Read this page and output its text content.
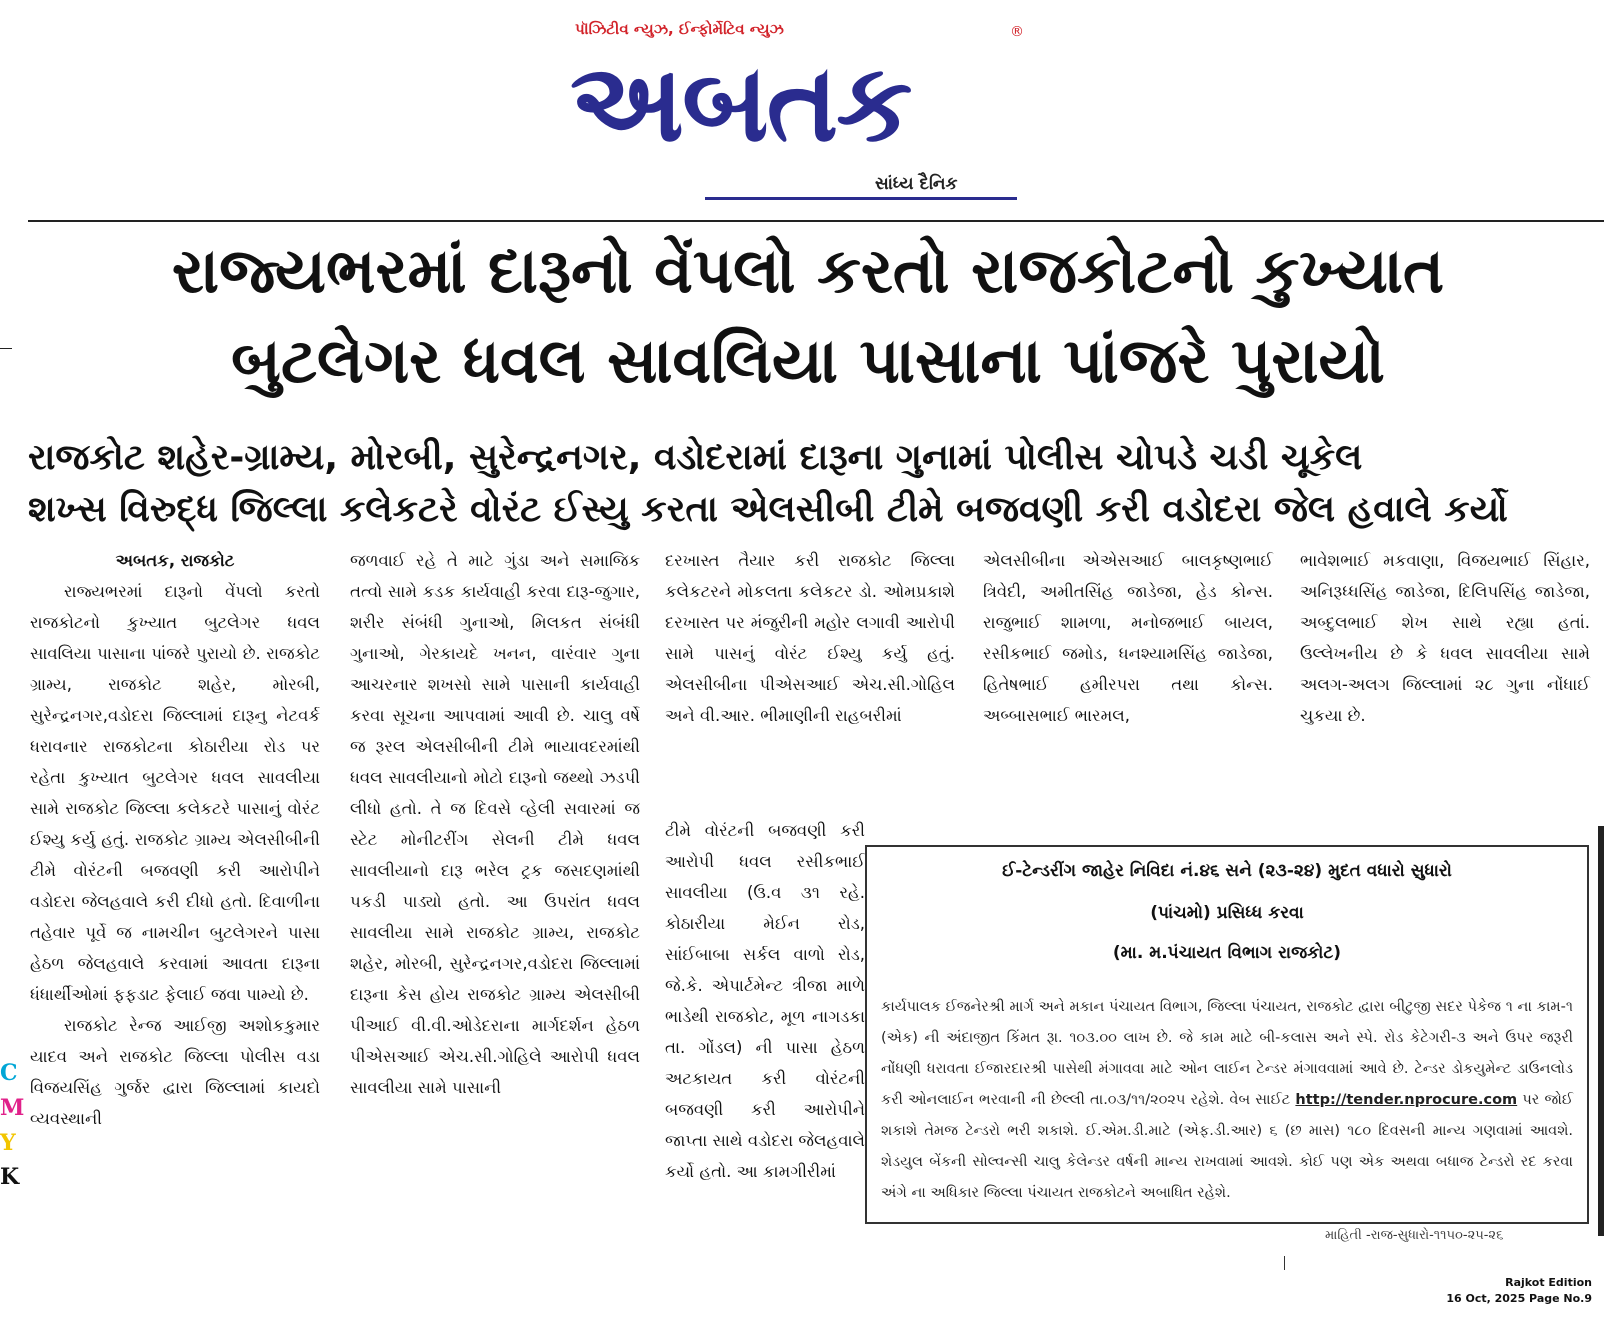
પૉઝિટીવ ન્યુઝ, ઈન્ફોર્મેટિવ ન્યુઝ	®
અબતક
સાંધ્ય દૈનિક
રાજ્યભરમાં દારૂનો વેંપલો કરતો રાજકોટનો કુખ્યાત
બુટલેગર ધવલ સાવલિયા પાસાના પાંજરે પુરાયો
રાજકોટ શહેર-ગ્રામ્ય, મોરબી, સુરેન્દ્રનગર, વડોદરામાં દારૂના ગુનામાં પોલીસ ચોપડે ચડી ચૂકેલ
શખ્સ વિરુદ્ધ જિલ્લા કલેકટરે વોરંટ ઈસ્યુ કરતા એલસીબી ટીમે બજવણી કરી વડોદરા જેલ હવાલે કર્યો

અબતક, રાજકોટ

રાજ્યભરમાં દારૂનો વેંપલો કરતો રાજકોટનો કુખ્યાત બુટલેગર ધવલ સાવલિયા પાસાના પાંજરે પુરાયો છે. રાજકોટ ગ્રામ્ય, રાજકોટ શહેર, મોરબી, સુરેન્દ્રનગર,વડોદરા જિલ્લામાં દારૂનુ નેટવર્ક ધરાવનાર રાજકોટના કોઠારીયા રોડ પર રહેતા કુખ્યાત બુટલેગર ધવલ સાવલીયા સામે રાજકોટ જિલ્લા કલેકટરે પાસાનું વોરંટ ઈશ્યુ કર્યુ હતું. રાજકોટ ગ્રામ્ય એલસીબીની ટીમે વોરંટની બજવણી કરી આરોપીને વડોદરા જેલહવાલે કરી દીધો હતો. દિવાળીના તહેવાર પૂર્વે જ નામચીન બુટલેગરને પાસા હેઠળ જેલહવાલે કરવામાં આવતા દારૂના ધંધાર્થીઓમાં ફફડાટ ફેલાઈ જવા પામ્યો છે.

રાજકોટ રેન્જ આઈજી અશોકકુમાર યાદવ અને રાજકોટ જિલ્લા પોલીસ વડા વિજયસિંહ ગુર્જર દ્વારા જિલ્લામાં કાયદો વ્યવસ્થાની

જળવાઈ રહે તે માટે ગુંડા અને સમાજિક તત્વો સામે કડક કાર્યવાહી કરવા દારૂ-જુગાર, શરીર સંબંધી ગુનાઓ, મિલકત સંબંધી ગુનાઓ, ગેરકાયદે ખનન, વારંવાર ગુના આચરનાર શખસો સામે પાસાની કાર્યવાહી કરવા સૂચના આપવામાં આવી છે. ચાલુ વર્ષે જ રૂરલ એલસીબીની ટીમે ભાયાવદરમાંથી ધવલ સાવલીયાનો મોટો દારૂનો જથ્થો ઝડપી લીધો હતો. તે જ દિવસે વ્હેલી સવારમાં જ સ્ટેટ મોનીટરીંગ સેલની ટીમે ધવલ સાવલીયાનો દારૂ ભરેલ ટ્રક જસદણમાંથી પકડી પાડ્યો હતો. આ ઉપરાંત ધવલ સાવલીયા સામે રાજકોટ ગ્રામ્ય, રાજકોટ શહેર, મોરબી, સુરેન્દ્રનગર,વડોદરા જિલ્લામાં દારૂના કેસ હોય રાજકોટ ગ્રામ્ય એલસીબી પીઆઈ વી.વી.ઓડેદરાના માર્ગદર્શન હેઠળ પીએસઆઈ એચ.સી.ગોહિલે આરોપી ધવલ સાવલીયા સામે પાસાની

દરખાસ્ત તૈયાર કરી રાજકોટ જિલ્લા કલેકટરને મોકલતા કલેકટર ડો. ઓમપ્રકાશે દરખાસ્ત પર મંજુરીની મહોર લગાવી આરોપી સામે પાસનું વોરંટ ઈશ્યુ કર્યુ હતું. એલસીબીના પીએસઆઈ એચ.સી.ગોહિલ અને વી.આર. ભીમાણીની રાહબરીમાં

ટીમે વોરંટની બજવણી કરી આરોપી ધવલ રસીકભાઈ સાવલીયા (ઉ.વ ૩૧ રહે. કોઠારીયા મેઈન રોડ, સાંઈબાબા સર્કલ વાળો રોડ, જે.કે. એપાર્ટમેન્ટ ત્રીજા માળે ભાડેથી રાજકોટ, મૂળ નાગડકા તા. ગોંડલ) ની પાસા હેઠળ અટકાયત કરી વોરંટની બજવણી કરી આરોપીને જાપ્તા સાથે વડોદરા જેલહવાલે કર્યો હતો. આ કામગીરીમાં

એલસીબીના એએસઆઈ બાલકૃષ્ણભાઈ ત્રિવેદી, અમીતસિંહ જાડેજા, હેડ કોન્સ. રાજુભાઈ શામળા, મનોજભાઈ બાયલ, રસીકભાઈ જમોડ, ધનશ્યામસિંહ જાડેજા, હિતેષભાઈ હમીરપરા તથા કોન્સ. અબ્બાસભાઈ ભારમલ,

ભાવેશભાઈ મકવાણા, વિજયભાઈ સિંહાર, અનિરૂધ્ધસિંહ જાડેજા, દિલિપસિંહ જાડેજા, અબ્દુલભાઈ શેખ સાથે રહ્યા હતાં. ઉલ્લેખનીય છે કે ધવલ સાવલીયા સામે અલગ-અલગ જિલ્લામાં ૨૮ ગુના નોંધાઈ ચુકયા છે.

ઈ-ટેન્ડરીંગ જાહેર નિવિદા નં.૪૬ સને (૨૩-૨૪) મુદત વધારો સુધારો
(પાંચમો) પ્રસિધ્ધ કરવા
(મા. મ.પંચાયત વિભાગ રાજકોટ)
કાર્યપાલક ઈજનેરશ્રી માર્ગ અને મકાન પંચાયત વિભાગ, જિલ્લા પંચાયત, રાજકોટ દ્વારા બીટુજી સદર પેકેજ ૧ ના કામ-૧ (એક) ની અંદાજીત કિંમત રૂા. ૧૦૩.૦૦ લાખ છે. જે કામ માટે બી-કલાસ અને સ્પે. રોડ કેટેગરી-૩ અને ઉપર જરૂરી નોંધણી ધરાવતા ઈજારદારશ્રી પાસેથી મંગાવવા માટે ઓન લાઈન ટેન્ડર મંગાવવામાં આવે છે. ટેન્ડર ડોકયુમેન્ટ ડાઉનલોડ કરી ઓનલાઈન ભરવાની ની છેલ્લી તા.૦૩/૧૧/૨૦૨૫ રહેશે. વેબ સાઈટ http://tender.nprocure.com પર જોઈ શકાશે તેમજ ટેન્ડરો ભરી શકાશે. ઈ.એમ.ડી.માટે (એફ.ડી.આર) ૬ (છ માસ) ૧૮૦ દિવસની માન્ય ગણવામાં આવશે. શેડયુલ બેંકની સોલ્વન્સી ચાલુ કેલેન્ડર વર્ષની માન્ય રાખવામાં આવશે. કોઈ પણ એક અથવા બધાજ ટેન્ડરો રદ કરવા અંગે ના અધિકાર જિલ્લા પંચાયત રાજકોટને અબાધિત રહેશે.
માહિતી -રાજ-સુધારો-૧૧૫૦-૨૫-૨૬
C
M
Y
K
Rajkot Edition
16 Oct, 2025 Page No.9
